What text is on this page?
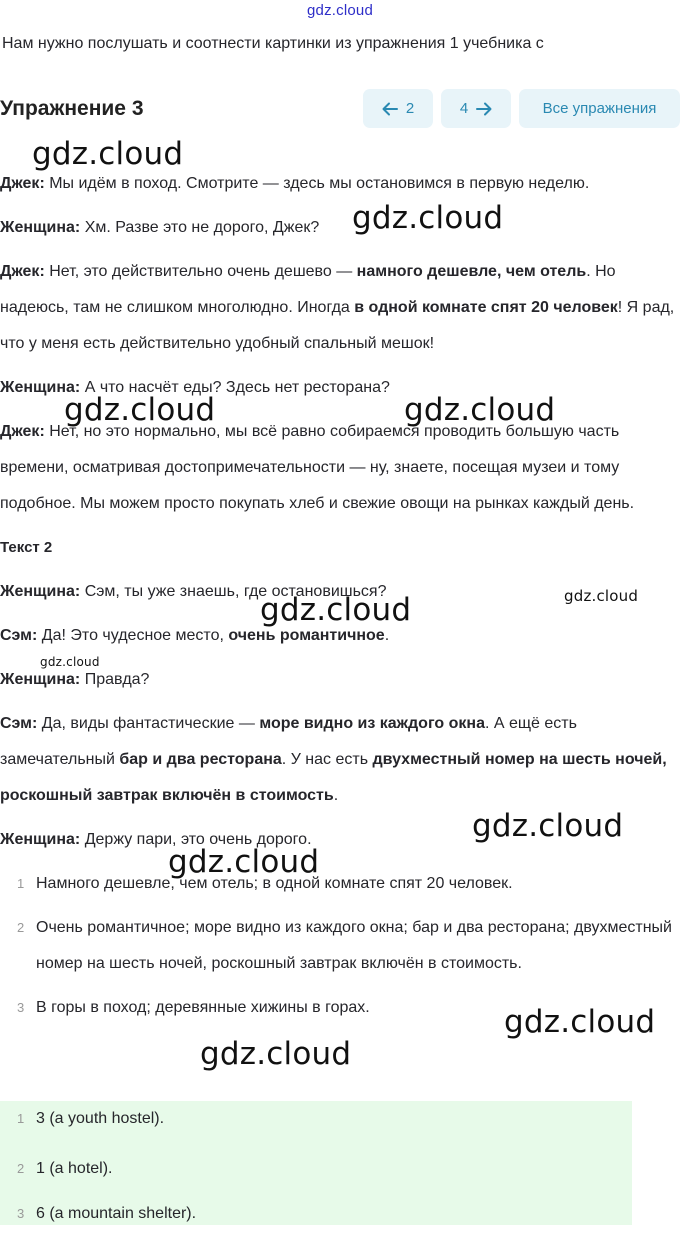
gdz.cloud
Нам нужно послушать и соотнести картинки из упражнения 1 учебника с
Упражнение 3	2	4	Все упражнения
Джек: Мы идём в поход. Смотрите — здесь мы остановимся в первую неделю.
Женщина: Хм. Разве это не дорого, Джек?
Джек: Нет, это действительно очень дешево — намного дешевле, чем отель. Но надеюсь, там не слишком многолюдно. Иногда в одной комнате спят 20 человек! Я рад, что у меня есть действительно удобный спальный мешок!
Женщина: А что насчёт еды? Здесь нет ресторана?
Джек: Нет, но это нормально, мы всё равно собираемся проводить большую часть времени, осматривая достопримечательности — ну, знаете, посещая музеи и тому подобное. Мы можем просто покупать хлеб и свежие овощи на рынках каждый день.
Текст 2
Женщина: Сэм, ты уже знаешь, где остановишься?
Сэм: Да! Это чудесное место, очень романтичное.
Женщина: Правда?
Сэм: Да, виды фантастические — море видно из каждого окна. А ещё есть замечательный бар и два ресторана. У нас есть двухместный номер на шесть ночей, роскошный завтрак включён в стоимость.
Женщина: Держу пари, это очень дорого.
1 Намного дешевле, чем отель; в одной комнате спят 20 человек.
2 Очень романтичное; море видно из каждого окна; бар и два ресторана; двухместный номер на шесть ночей, роскошный завтрак включён в стоимость.
3 В горы в поход; деревянные хижины в горах.
1 3 (a youth hostel).
2 1 (a hotel).
3 6 (a mountain shelter).
gdz.cloud
gdz.cloud
gdz.cloud	gdz.cloud
gdz.cloud	gdz.cloud
gdz.cloud
gdz.cloud
gdz.cloud
gdz.cloud
gdz.cloud
